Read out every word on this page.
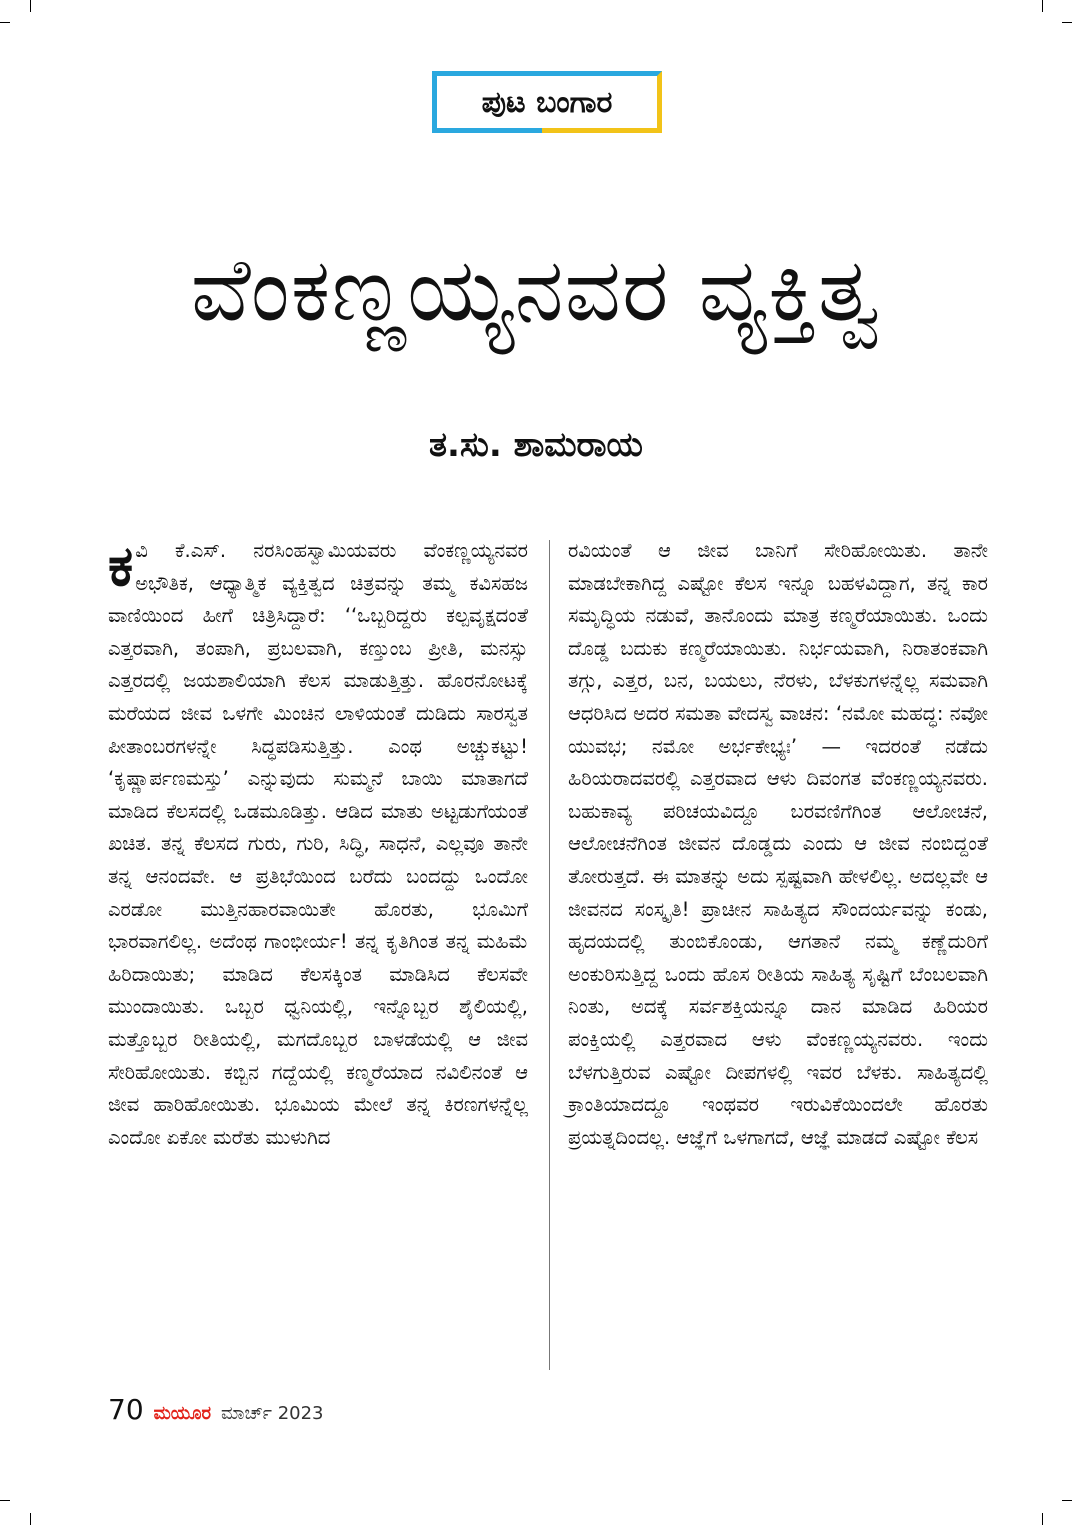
ಪುಟ ಬಂಗಾರ
ವೆಂಕಣ್ಣಯ್ಯನವರ ವ್ಯಕ್ತಿತ್ವ
ತ.ಸು. ಶಾಮರಾಯ
ಕ ವಿ ಕೆ.ಎಸ್. ನರಸಿಂಹಸ್ವಾಮಿಯವರು ವೆಂಕಣ್ಣಯ್ಯನವರ ಅಭೌತಿಕ, ಆಧ್ಯಾತ್ಮಿಕ ವ್ಯಕ್ತಿತ್ವದ ಚಿತ್ರವನ್ನು ತಮ್ಮ ಕವಿಸಹಜ ವಾಣಿಯಿಂದ ಹೀಗೆ ಚಿತ್ರಿಸಿದ್ದಾರೆ: ‘‘ಒಬ್ಬರಿದ್ದರು ಕಲ್ಪವೃಕ್ಷದಂತೆ ಎತ್ತರವಾಗಿ, ತಂಪಾಗಿ, ಪ್ರಬಲವಾಗಿ, ಕಣ್ತುಂಬ ಪ್ರೀತಿ, ಮನಸ್ಸು ಎತ್ತರದಲ್ಲಿ ಜಯಶಾಲಿಯಾಗಿ ಕೆಲಸ ಮಾಡುತ್ತಿತ್ತು. ಹೊರನೋಟಕ್ಕೆ ಮರೆಯದ ಜೀವ ಒಳಗೇ ಮಿಂಚಿನ ಲಾಳಿಯಂತೆ ದುಡಿದು ಸಾರಸ್ವತ ಪೀತಾಂಬರಗಳನ್ನೇ ಸಿದ್ಧಪಡಿಸುತ್ತಿತ್ತು. ಎಂಥ ಅಚ್ಚುಕಟ್ಟು! ‘ಕೃಷ್ಣಾರ್ಪಣಮಸ್ತು’ ಎನ್ನುವುದು ಸುಮ್ಮನೆ ಬಾಯಿ ಮಾತಾಗದೆ ಮಾಡಿದ ಕೆಲಸದಲ್ಲಿ ಒಡಮೂಡಿತ್ತು. ಆಡಿದ ಮಾತು ಅಟ್ಟಡುಗೆಯಂತೆ ಖಚಿತ. ತನ್ನ ಕೆಲಸದ ಗುರು, ಗುರಿ, ಸಿದ್ಧಿ, ಸಾಧನೆ, ಎಲ್ಲವೂ ತಾನೇ ತನ್ನ ಆನಂದವೇ. ಆ ಪ್ರತಿಭೆಯಿಂದ ಬರೆದು ಬಂದದ್ದು ಒಂದೋ ಎರಡೋ ಮುತ್ತಿನಹಾರವಾಯಿತೇ ಹೊರತು, ಭೂಮಿಗೆ ಭಾರವಾಗಲಿಲ್ಲ. ಅದೆಂಥ ಗಾಂಭೀರ್ಯ! ತನ್ನ ಕೃತಿಗಿಂತ ತನ್ನ ಮಹಿಮೆ ಹಿರಿದಾಯಿತು; ಮಾಡಿದ ಕೆಲಸಕ್ಕಿಂತ ಮಾಡಿಸಿದ ಕೆಲಸವೇ ಮುಂದಾಯಿತು. ಒಬ್ಬರ ಧ್ವನಿಯಲ್ಲಿ, ಇನ್ನೊಬ್ಬರ ಶೈಲಿಯಲ್ಲಿ, ಮತ್ತೊಬ್ಬರ ರೀತಿಯಲ್ಲಿ, ಮಗದೊಬ್ಬರ ಬಾಳಡೆಯಲ್ಲಿ ಆ ಜೀವ ಸೇರಿಹೋಯಿತು. ಕಬ್ಬಿನ ಗದ್ದೆಯಲ್ಲಿ ಕಣ್ಮರೆಯಾದ ನವಿಲಿನಂತೆ ಆ ಜೀವ ಹಾರಿಹೋಯಿತು. ಭೂಮಿಯ ಮೇಲೆ ತನ್ನ ಕಿರಣಗಳನ್ನೆಲ್ಲ ಎಂದೋ ಏಕೋ ಮರೆತು ಮುಳುಗಿದ

ರವಿಯಂತೆ ಆ ಜೀವ ಬಾನಿಗೆ ಸೇರಿಹೋಯಿತು. ತಾನೇ ಮಾಡಬೇಕಾಗಿದ್ದ ಎಷ್ಟೋ ಕೆಲಸ ಇನ್ನೂ ಬಹಳವಿದ್ದಾಗ, ತನ್ನ ಕಾರ ಸಮೃದ್ಧಿಯ ನಡುವೆ, ತಾನೊಂದು ಮಾತ್ರ ಕಣ್ಮರೆಯಾಯಿತು. ಒಂದು ದೊಡ್ಡ ಬದುಕು ಕಣ್ಮರೆಯಾಯಿತು. ನಿರ್ಭಯವಾಗಿ, ನಿರಾತಂಕವಾಗಿ ತಗ್ಗು, ಎತ್ತರ, ಬನ, ಬಯಲು, ನೆರಳು, ಬೆಳಕುಗಳನ್ನೆಲ್ಲ ಸಮವಾಗಿ ಆಧರಿಸಿದ ಅದರ ಸಮತಾ ವೇದಸ್ವ ವಾಚನ: ‘ನಮೋ ಮಹದ್ಧ: ನವೋ ಯುವಭ; ನಮೋ ಅರ್ಭಕೇಭ್ಯಃ’ — ಇದರಂತೆ ನಡೆದು ಹಿರಿಯರಾದವರಲ್ಲಿ ಎತ್ತರವಾದ ಆಳು ದಿವಂಗತ ವೆಂಕಣ್ಣಯ್ಯನವರು. ಬಹುಕಾವ್ಯ ಪರಿಚಯವಿದ್ದೂ ಬರವಣಿಗೆಗಿಂತ ಆಲೋಚನೆ, ಆಲೋಚನೆಗಿಂತ ಜೀವನ ದೊಡ್ಡದು ಎಂದು ಆ ಜೀವ ನಂಬಿದ್ದಂತೆ ತೋರುತ್ತದೆ. ಈ ಮಾತನ್ನು ಅದು ಸ್ಪಷ್ಟವಾಗಿ ಹೇಳಲಿಲ್ಲ. ಅದಲ್ಲವೇ ಆ ಜೀವನದ ಸಂಸ್ಕೃತಿ! ಪ್ರಾಚೀನ ಸಾಹಿತ್ಯದ ಸೌಂದರ್ಯವನ್ನು ಕಂಡು, ಹೃದಯದಲ್ಲಿ ತುಂಬಿಕೊಂಡು, ಆಗತಾನೆ ನಮ್ಮ ಕಣ್ಣೆದುರಿಗೆ ಅಂಕುರಿಸುತ್ತಿದ್ದ ಒಂದು ಹೊಸ ರೀತಿಯ ಸಾಹಿತ್ಯ ಸೃಷ್ಟಿಗೆ ಬೆಂಬಲವಾಗಿ ನಿಂತು, ಅದಕ್ಕೆ ಸರ್ವಶಕ್ತಿಯನ್ನೂ ದಾನ ಮಾಡಿದ ಹಿರಿಯರ ಪಂಕ್ತಿಯಲ್ಲಿ ಎತ್ತರವಾದ ಆಳು ವೆಂಕಣ್ಣಯ್ಯನವರು. ಇಂದು ಬೆಳಗುತ್ತಿರುವ ಎಷ್ಟೋ ದೀಪಗಳಲ್ಲಿ ಇವರ ಬೆಳಕು. ಸಾಹಿತ್ಯದಲ್ಲಿ ಕ್ರಾಂತಿಯಾದದ್ದೂ ಇಂಥವರ ಇರುವಿಕೆಯಿಂದಲೇ ಹೊರತು ಪ್ರಯತ್ನದಿಂದಲ್ಲ. ಆಜ್ಞೆಗೆ ಒಳಗಾಗದೆ, ಆಜ್ಞೆ ಮಾಡದೆ ಎಷ್ಟೋ ಕೆಲಸ

70 ಮಯೂರ ಮಾರ್ಚ್ 2023
